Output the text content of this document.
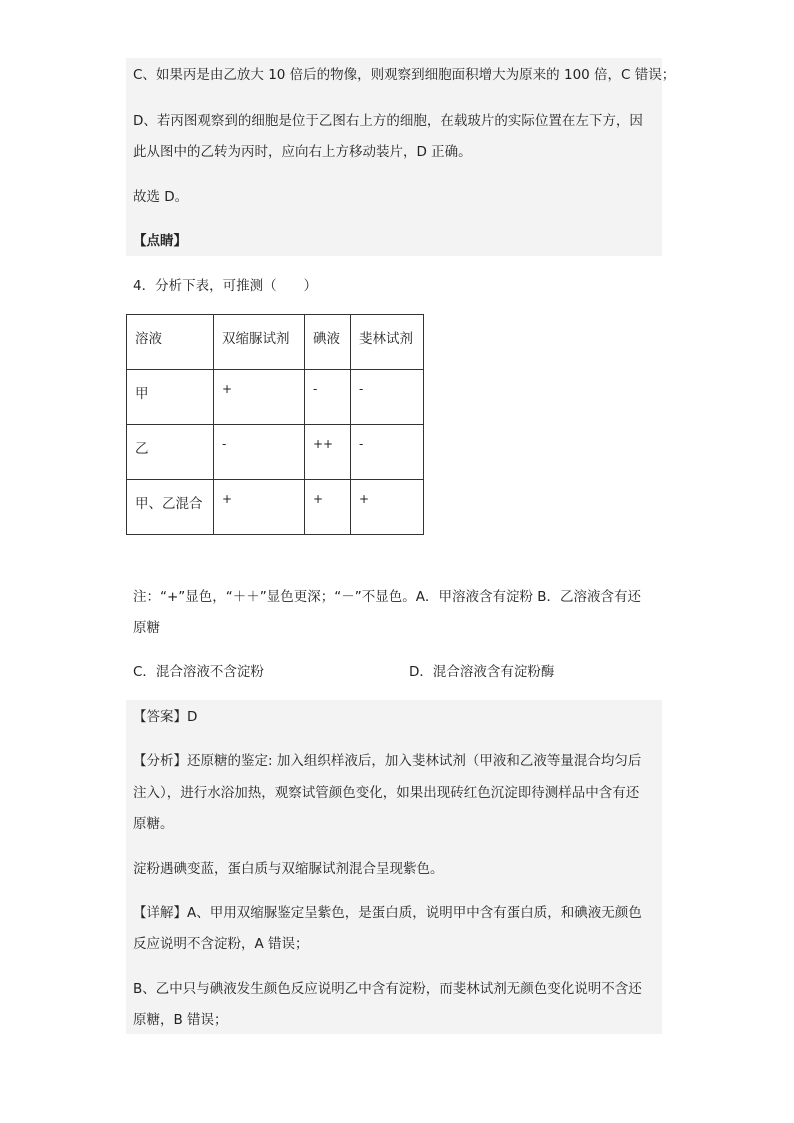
C、如果丙是由乙放大 10 倍后的物像，则观察到细胞面积增大为原来的 100 倍，C 错误；
D、若丙图观察到的细胞是位于乙图右上方的细胞，在载玻片的实际位置在左下方，因
此从图中的乙转为丙时，应向右上方移动装片，D 正确。
故选 D。
【点睛】
4．分析下表，可推测（　　）
溶液	双缩脲试剂	碘液	斐林试剂
甲	+	-	-
乙	-	++	-
甲、乙混合	+	+	+
注：“+”显色，“＋＋”显色更深；“－”不显色。A．甲溶液含有淀粉 B．乙溶液含有还
原糖
C．混合溶液不含淀粉	D．混合溶液含有淀粉酶
【答案】D
【分析】还原糖的鉴定: 加入组织样液后，加入斐林试剂（甲液和乙液等量混合均匀后
注入），进行水浴加热，观察试管颜色变化，如果出现砖红色沉淀即待测样品中含有还
原糖。
淀粉遇碘变蓝，蛋白质与双缩脲试剂混合呈现紫色。
【详解】A、甲用双缩脲鉴定呈紫色，是蛋白质，说明甲中含有蛋白质，和碘液无颜色
反应说明不含淀粉，A 错误；
B、乙中只与碘液发生颜色反应说明乙中含有淀粉，而斐林试剂无颜色变化说明不含还
原糖，B 错误；
